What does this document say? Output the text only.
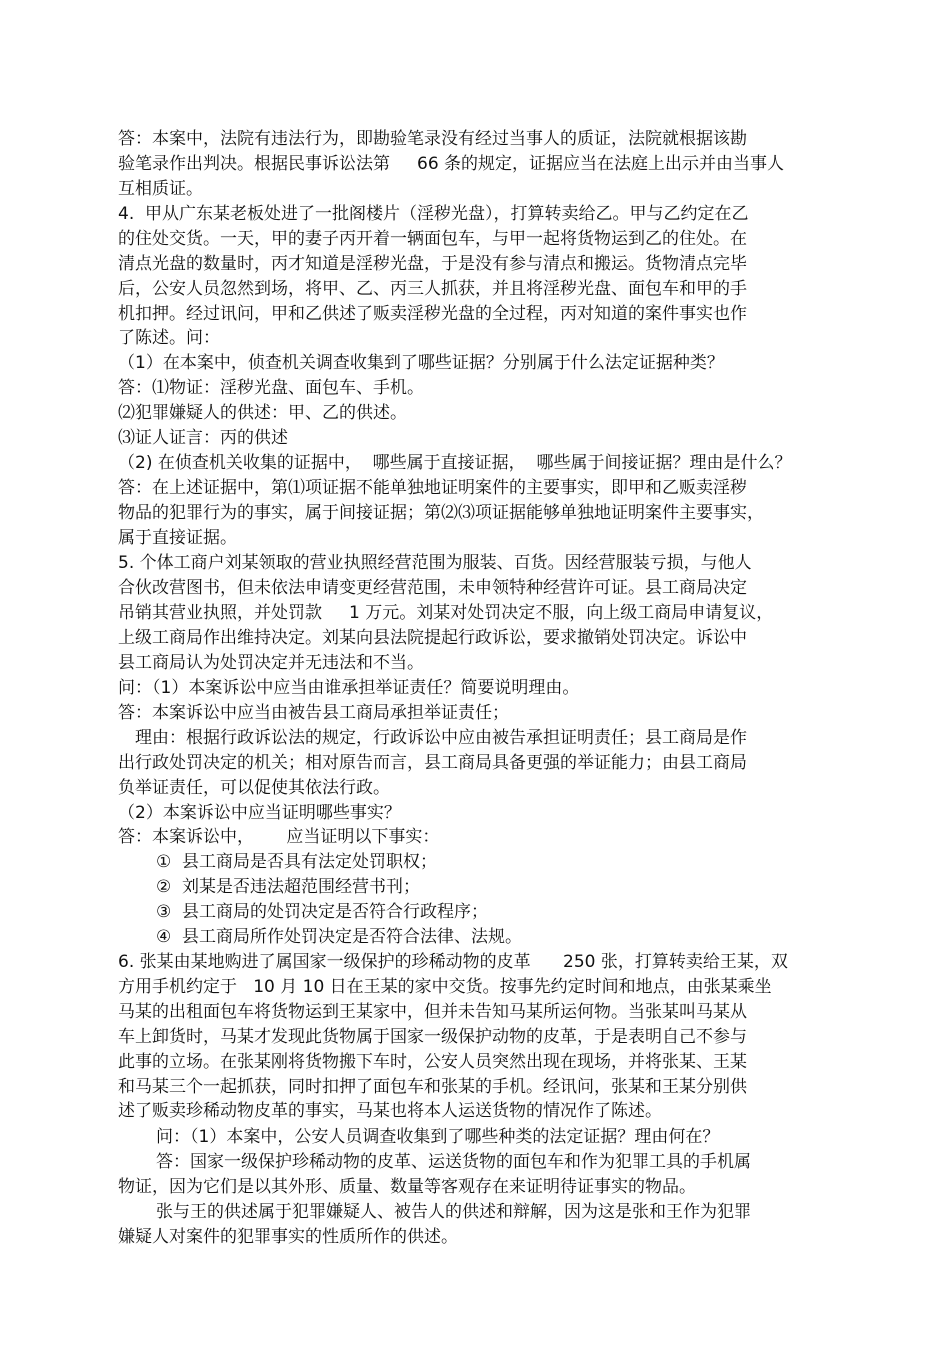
答：本案中，法院有违法行为，即勘验笔录没有经过当事人的质证，法院就根据该勘
验笔录作出判决。根据民事诉讼法第     66 条的规定，证据应当在法庭上出示并由当事人
互相质证。
4.  甲从广东某老板处进了一批阁楼片（淫秽光盘），打算转卖给乙。甲与乙约定在乙
的住处交货。一天，甲的妻子丙开着一辆面包车，与甲一起将货物运到乙的住处。在
清点光盘的数量时，丙才知道是淫秽光盘，于是没有参与清点和搬运。货物清点完毕
后，公安人员忽然到场，将甲、乙、丙三人抓获，并且将淫秽光盘、面包车和甲的手
机扣押。经过讯问，甲和乙供述了贩卖淫秽光盘的全过程，丙对知道的案件事实也作
了陈述。问：
（1）在本案中，侦查机关调查收集到了哪些证据？分别属于什么法定证据种类？
答：⑴物证：淫秽光盘、面包车、手机。
⑵犯罪嫌疑人的供述：甲、乙的供述。
⑶证人证言：丙的供述
（2) 在侦查机关收集的证据中，  哪些属于直接证据，  哪些属于间接证据？理由是什么？
答：在上述证据中，第⑴项证据不能单独地证明案件的主要事实，即甲和乙贩卖淫秽
物品的犯罪行为的事实，属于间接证据；第⑵⑶项证据能够单独地证明案件主要事实，
属于直接证据。
5. 个体工商户刘某领取的营业执照经营范围为服装、百货。因经营服装亏损，与他人
合伙改营图书，但未依法申请变更经营范围，未申领特种经营许可证。县工商局决定
吊销其营业执照，并处罚款     1 万元。刘某对处罚决定不服，向上级工商局申请复议，
上级工商局作出维持决定。刘某向县法院提起行政诉讼，要求撤销处罚决定。诉讼中
县工商局认为处罚决定并无违法和不当。
问：（1）本案诉讼中应当由谁承担举证责任？简要说明理由。
答：本案诉讼中应当由被告县工商局承担举证责任；
理由：根据行政诉讼法的规定，行政诉讼中应由被告承担证明责任；县工商局是作
出行政处罚决定的机关；相对原告而言，县工商局具备更强的举证能力；由县工商局
负举证责任，可以促使其依法行政。
（2）本案诉讼中应当证明哪些事实？
答：本案诉讼中，      应当证明以下事实：
①  县工商局是否具有法定处罚职权；
②  刘某是否违法超范围经营书刊；
③  县工商局的处罚决定是否符合行政程序；
④  县工商局所作处罚决定是否符合法律、法规。
6. 张某由某地购进了属国家一级保护的珍稀动物的皮革      250 张，打算转卖给王某，双
方用手机约定于   10 月 10 日在王某的家中交货。按事先约定时间和地点，由张某乘坐
马某的出租面包车将货物运到王某家中，但并未告知马某所运何物。当张某叫马某从
车上卸货时，马某才发现此货物属于国家一级保护动物的皮革，于是表明自己不参与
此事的立场。在张某刚将货物搬下车时，公安人员突然出现在现场，并将张某、王某
和马某三个一起抓获，同时扣押了面包车和张某的手机。经讯问，张某和王某分别供
述了贩卖珍稀动物皮革的事实，马某也将本人运送货物的情况作了陈述。
问：（1）本案中，公安人员调查收集到了哪些种类的法定证据？理由何在？
答：国家一级保护珍稀动物的皮革、运送货物的面包车和作为犯罪工具的手机属
物证，因为它们是以其外形、质量、数量等客观存在来证明待证事实的物品。
张与王的供述属于犯罪嫌疑人、被告人的供述和辩解，因为这是张和王作为犯罪
嫌疑人对案件的犯罪事实的性质所作的供述。
